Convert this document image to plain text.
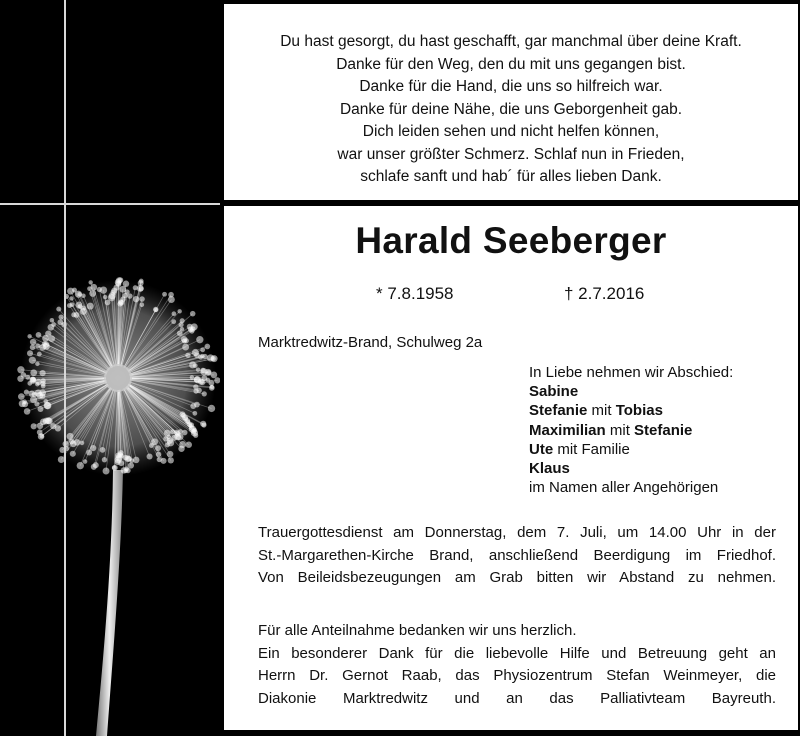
Du hast gesorgt, du hast geschafft, gar manchmal über deine Kraft.
Danke für den Weg, den du mit uns gegangen bist.
Danke für die Hand, die uns so hilfreich war.
Danke für deine Nähe, die uns Geborgenheit gab.
Dich leiden sehen und nicht helfen können,
war unser größter Schmerz. Schlaf nun in Frieden,
schlafe sanft und hab´ für alles lieben Dank.
Harald Seeberger
* 7.8.1958	† 2.7.2016
Marktredwitz-Brand, Schulweg 2a
In Liebe nehmen wir Abschied:
Sabine
Stefanie mit Tobias
Maximilian mit Stefanie
Ute mit Familie
Klaus
im Namen aller Angehörigen
Trauergottesdienst am Donnerstag, dem 7. Juli, um 14.00 Uhr in der
St.-Margarethen-Kirche Brand, anschließend Beerdigung im Friedhof.
Von Beileidsbezeugungen am Grab bitten wir Abstand zu nehmen.
Für alle Anteilnahme bedanken wir uns herzlich.
Ein besonderer Dank für die liebevolle Hilfe und Betreuung geht an
Herrn Dr. Gernot Raab, das Physiozentrum Stefan Weinmeyer, die
Diakonie Marktredwitz und an das Palliativteam Bayreuth.
